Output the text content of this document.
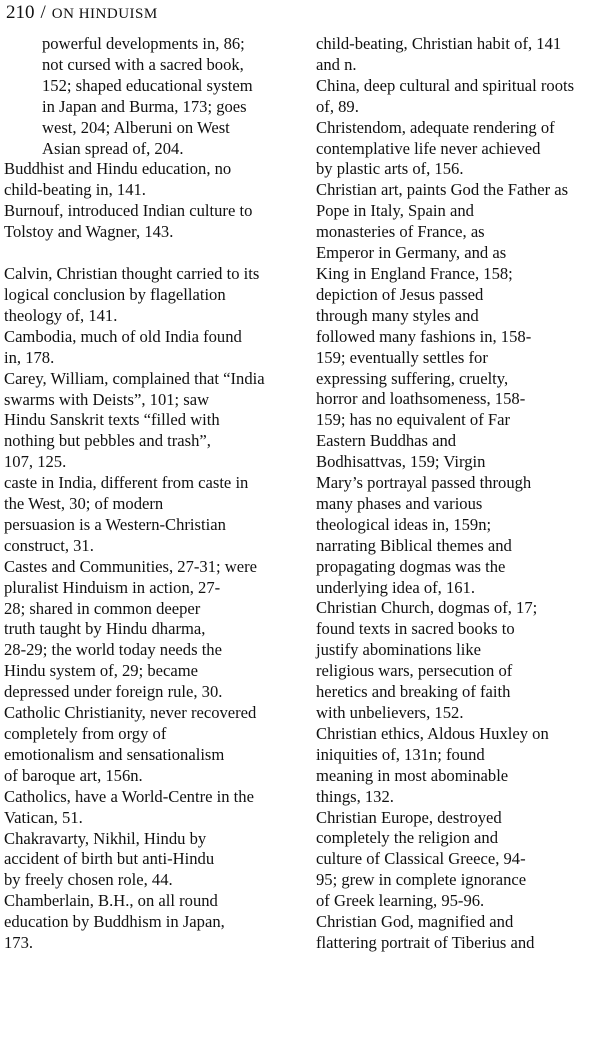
210 / ON HINDUISM
powerful developments in, 86;
not cursed with a sacred book,
152; shaped educational system
in Japan and Burma, 173; goes
west, 204; Alberuni on West
Asian spread of, 204.
Buddhist and Hindu education, no
child-beating in, 141.
Burnouf, introduced Indian culture to
Tolstoy and Wagner, 143.
Calvin, Christian thought carried to its
logical conclusion by flagellation
theology of, 141.
Cambodia, much of old India found
in, 178.
Carey, William, complained that “India
swarms with Deists”, 101; saw
Hindu Sanskrit texts “filled with
nothing but pebbles and trash”,
107, 125.
caste in India, different from caste in
the West, 30; of modern
persuasion is a Western-Christian
construct, 31.
Castes and Communities, 27-31; were
pluralist Hinduism in action, 27-
28; shared in common deeper
truth taught by Hindu dharma,
28-29; the world today needs the
Hindu system of, 29; became
depressed under foreign rule, 30.
Catholic Christianity, never recovered
completely from orgy of
emotionalism and sensationalism
of baroque art, 156n.
Catholics, have a World-Centre in the
Vatican, 51.
Chakravarty, Nikhil, Hindu by
accident of birth but anti-Hindu
by freely chosen role, 44.
Chamberlain, B.H., on all round
education by Buddhism in Japan,
173.
child-beating, Christian habit of, 141
and n.
China, deep cultural and spiritual roots
of, 89.
Christendom, adequate rendering of
contemplative life never achieved
by plastic arts of, 156.
Christian art, paints God the Father as
Pope in Italy, Spain and
monasteries of France, as
Emperor in Germany, and as
King in England France, 158;
depiction of Jesus passed
through many styles and
followed many fashions in, 158-
159; eventually settles for
expressing suffering, cruelty,
horror and loathsomeness, 158-
159; has no equivalent of Far
Eastern Buddhas and
Bodhisattvas, 159; Virgin
Mary’s portrayal passed through
many phases and various
theological ideas in, 159n;
narrating Biblical themes and
propagating dogmas was the
underlying idea of, 161.
Christian Church, dogmas of, 17;
found texts in sacred books to
justify abominations like
religious wars, persecution of
heretics and breaking of faith
with unbelievers, 152.
Christian ethics, Aldous Huxley on
iniquities of, 131n; found
meaning in most abominable
things, 132.
Christian Europe, destroyed
completely the religion and
culture of Classical Greece, 94-
95; grew in complete ignorance
of Greek learning, 95-96.
Christian God, magnified and
flattering portrait of Tiberius and
